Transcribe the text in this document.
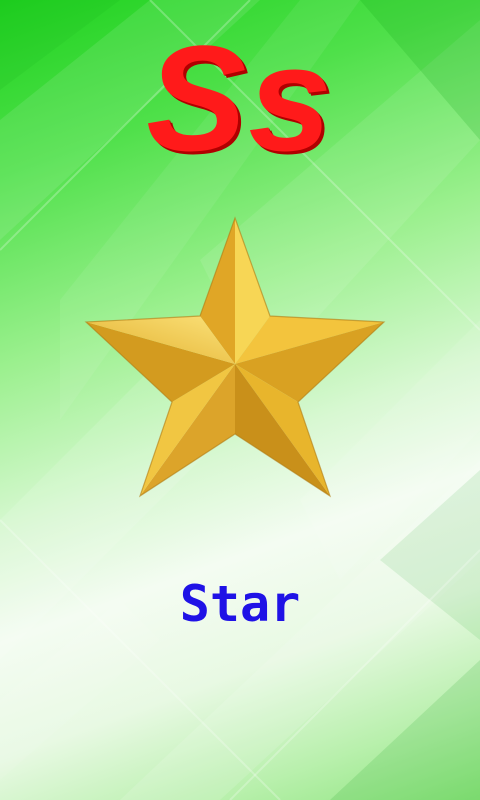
Ss
Star
